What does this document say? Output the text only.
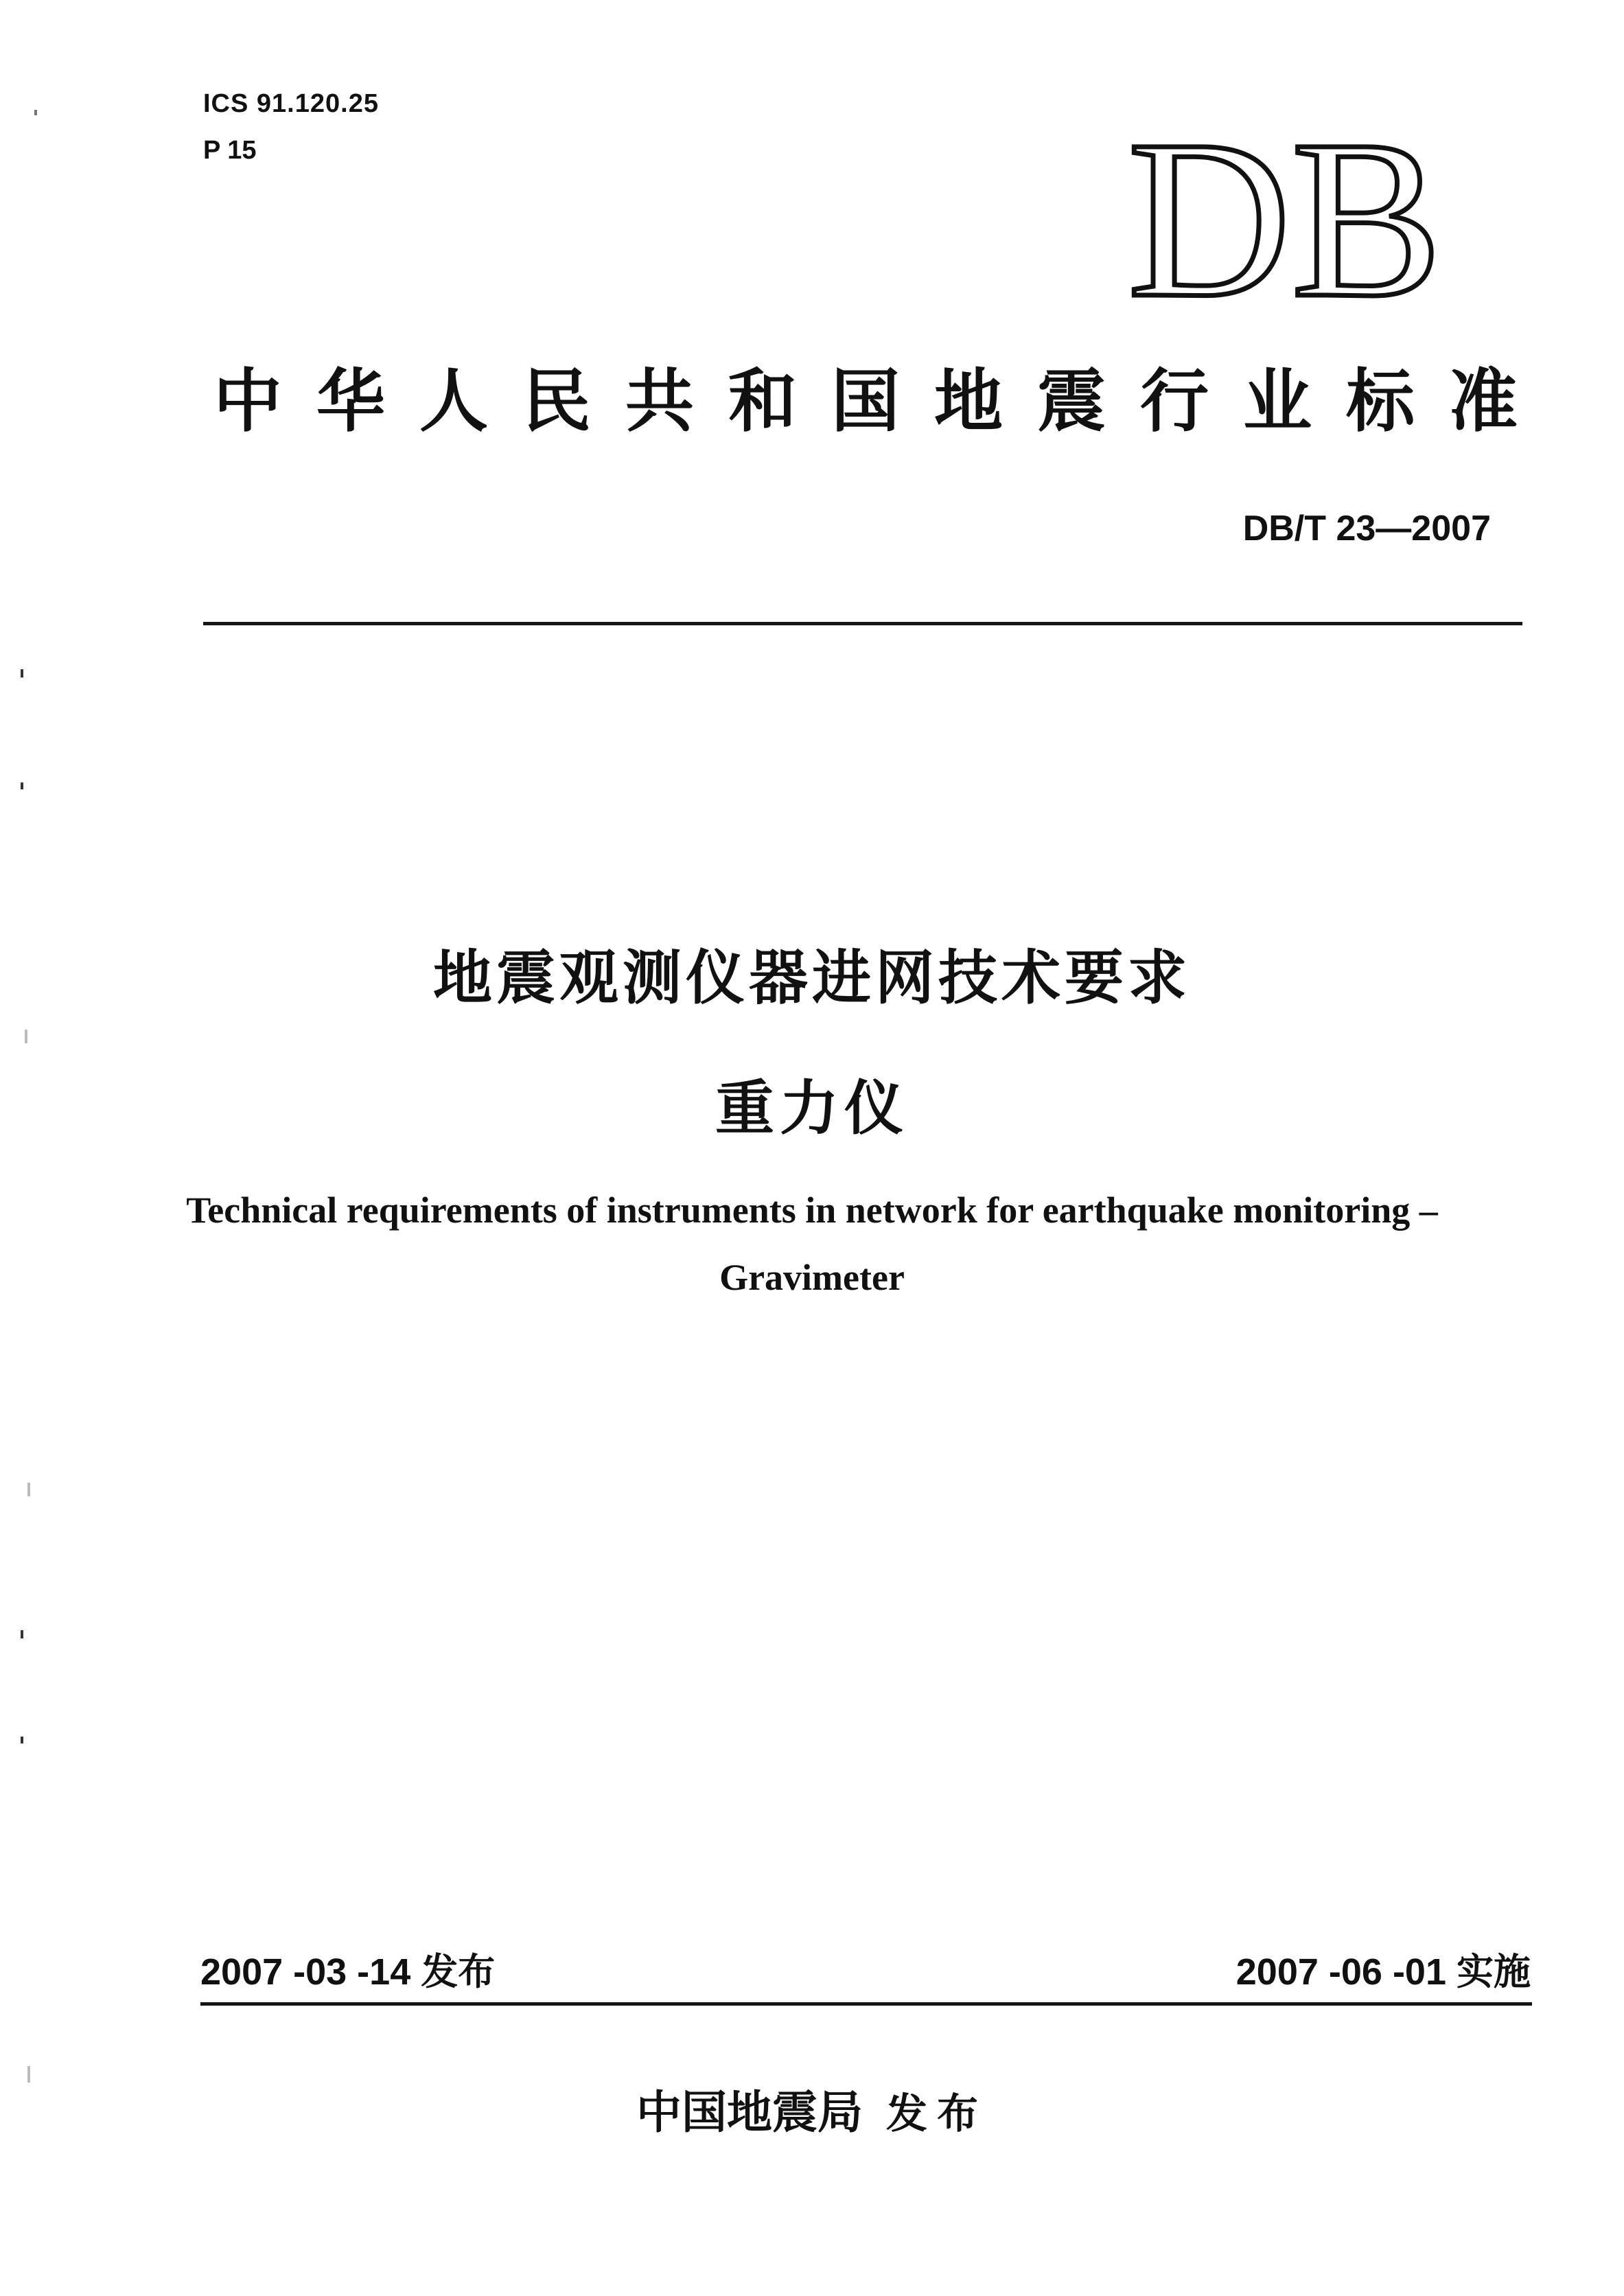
ICS 91.120.25
P 15	DB
中 华 人 民 共 和 国 地 震 行 业 标 准
DB/T 23—2007
地震观测仪器进网技术要求
重力仪
Technical requirements of instruments in network for earthquake monitoring –
Gravimeter
2007 -03 -14 发布	2007 -06 -01 实施
中国地震局 发布
